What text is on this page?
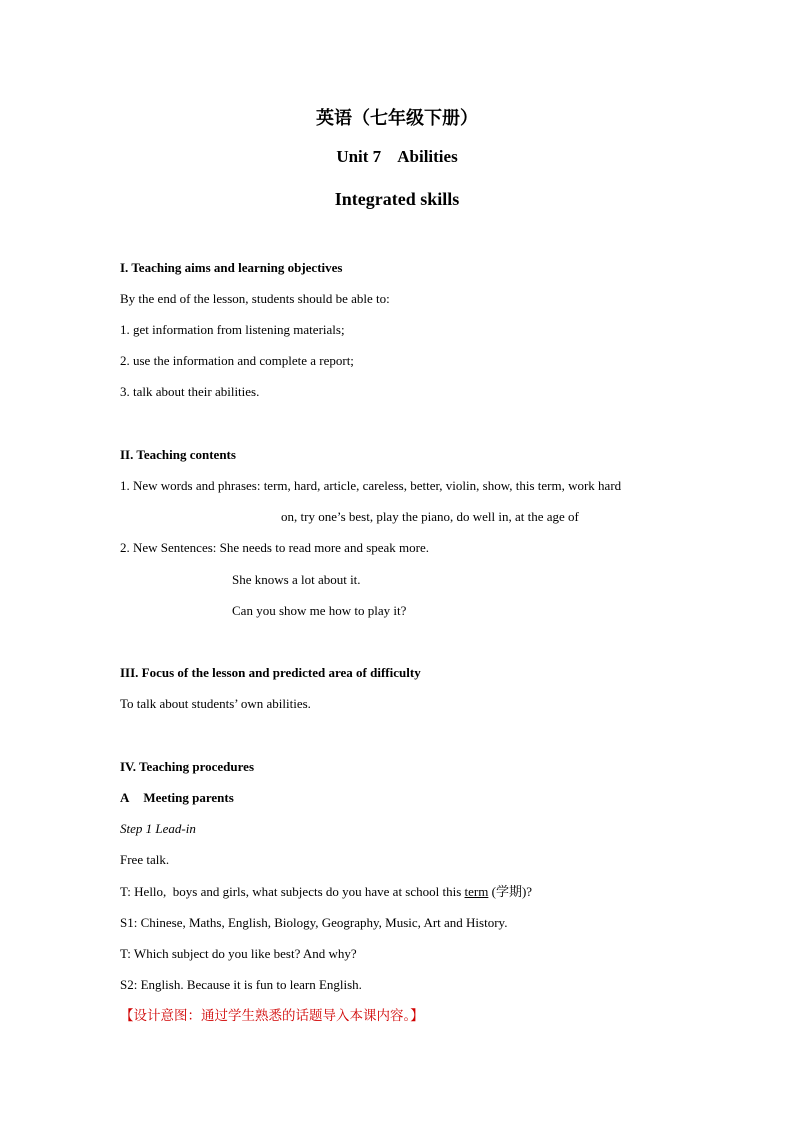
英语（七年级下册）
Unit 7    Abilities
Integrated skills
I. Teaching aims and learning objectives
By the end of the lesson, students should be able to:
1. get information from listening materials;
2. use the information and complete a report;
3. talk about their abilities.
II. Teaching contents
1. New words and phrases: term, hard, article, careless, better, violin, show, this term, work hard
on, try one’s best, play the piano, do well in, at the age of
2. New Sentences: She needs to read more and speak more.
She knows a lot about it.
Can you show me how to play it?
III. Focus of the lesson and predicted area of difficulty
To talk about students’ own abilities.
IV. Teaching procedures
A Meeting parents
Step 1 Lead-in
Free talk.
T: Hello,  boys and girls, what subjects do you have at school this term (学期)?
S1: Chinese, Maths, English, Biology, Geography, Music, Art and History.
T: Which subject do you like best? And why?
S2: English. Because it is fun to learn English.
【设计意图：通过学生熟悉的话题导入本课内容。】
